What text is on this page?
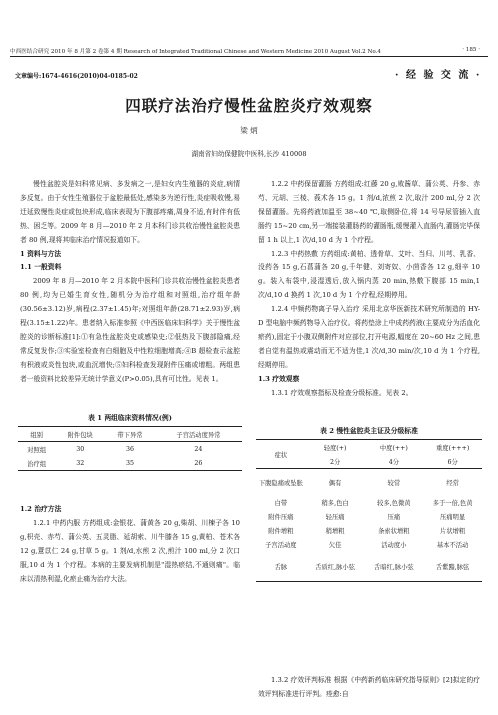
中西医结合研究 2010 年 8 月第 2 卷第 4 期 Research of Integrated Traditional Chinese and Western Medicine 2010 August Vol.2 No.4	· 185 ·
文章编号:1674-4616(2010)04-0185-02	· 经 验 交 流 ·
四联疗法治疗慢性盆腔炎疗效观察
梁 炳
湖南省妇幼保健院中医科,长沙 410008

慢性盆腔炎是妇科常见病、多发病之一,是妇女内生殖器的炎症,病情多反复。由于女性生殖器位于盆腔最低处,感染多为逆行性,炎症吸收慢,易迁延致慢性炎症或包块形成,临床表现为下腹部疼痛,周身不适,有时伴有低热、困乏等。2009 年 8 月—2010 年 2 月本科门诊共收治慢性盆腔炎患者 80 例,现将其临床治疗情况报道如下。

1 资料与方法

1.1 一般资料

2009 年 8 月—2010 年 2 月本院中医科门诊共收治慢性盆腔炎患者 80 例,均为已婚生育女性,随机分为治疗组和对照组,治疗组年龄(30.56±3.12)岁,病程(2.37±1.45)年;对照组年龄(28.71±2.93)岁,病程(3.15±1.22)年。患者纳入标准参照《中西医临床妇科学》关于慢性盆腔炎的诊断标准[1]:①有急性盆腔炎史或感染史;②低热及下腹部隐痛,经常反复发作;③实验室检查有白细胞及中性粒细胞增高;④B 超检查示盆腔有积液或炎性包块,或血沉增快;⑤妇科检查发现附件压痛或增粗。两组患者一般资料比较差异无统计学意义(P>0.05),具有可比性。见表 1。

表 1 两组临床资料情况(例)
组别	附件包块	带下异常	子宫活动度异常
对照组	30	36	24
治疗组	32	35	26

1.2 治疗方法

1.2.1 中药内服 方药组成:金银花、蒲黄各 20 g,柴胡、川楝子各 10 g,枳壳、赤芍、蒲公英、五灵脂、延胡索、川牛膝各 15 g,黄柏、苍术各 12 g,薏苡仁 24 g,甘草 5 g。1 剂/d,水煎 2 次,煎汁 100 ml,分 2 次口服,10 d 为 1 个疗程。本病的主要发病机制是"湿热瘀结,不通则痛"。临床以清热利湿,化瘀止痛为治疗大法。

1.2.2 中药保留灌肠 方药组成:红藤 20 g,败酱草、蒲公英、丹参、赤芍、元胡、三棱、莪术各 15 g。1 剂/d,浓煎 2 次,取汁 200 ml,分 2 次保留灌肠。先将药液加温至 38~40 ℃,取侧卧位,将 14 号导尿管插入直肠约 15~20 cm,另一端接装灌肠药的灌肠瓶,缓慢灌入直肠内,灌肠完毕保留 1 h 以上,1 次/d,10 d 为 1 个疗程。

1.2.3 中药热敷 方药组成:黄柏、透骨草、艾叶、当归、川芎、乳香、没药各 15 g,石菖蒲各 20 g,千年健、刘寄奴、小茴香各 12 g,细辛 10 g。装入布袋中,浸湿透后,放入锅内蒸 20 min,热敷下腹部 15 min,1 次/d,10 d 换药 1 次,10 d 为 1 个疗程,经期停用。

1.2.4 中频药物离子导入治疗 采用北京华医新技术研究所制造的 HY-D 型电脑中频药物导入治疗仪。将药垫涂上中成药药液(主要成分为活血化瘀药),固定于小腹双侧附件对应部位,打开电源,幅度在 20~60 Hz 之间,患者自觉有温热或震动而无不适为佳,1 次/d,30 min/次,10 d 为 1 个疗程,经期停用。

1.3 疗效观察

1.3.1 疗效观察指标及检查分级标准。见表 2。

表 2 慢性盆腔炎主证及分级标准
症状	轻度(+)	中度(++)	重度(+++)
	2分	4分	6分
下腹隐痛或坠胀	偶有	较常	经常
白带	稍多,色白	较多,色微黄	多于一倍,色黄
附件压痛	轻压痛	压痛	压痛明显
附件增粗	稍增粗	条索状增粗	片状增粗
子宫活动度	欠佳	活动度小	基本不活动
舌脉	舌质红,脉小弦	舌暗红,脉小弦	舌紫黯,脉弦

1.3.2 疗效评判标准 根据《中药新药临床研究指导原则》[2]拟定的疗效评判标准进行评判。痊愈:自
